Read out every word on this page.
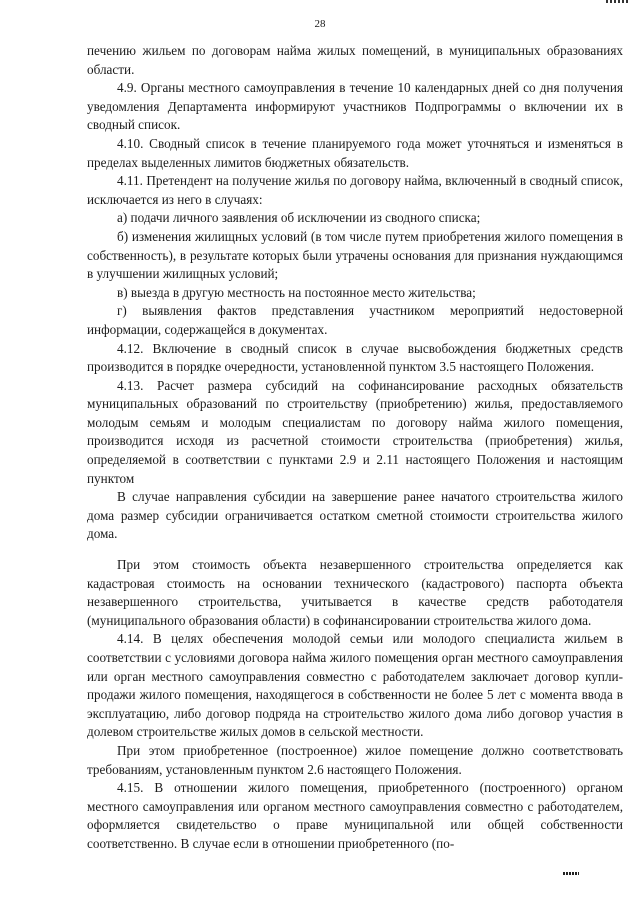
28

печению жильем по договорам найма жилых помещений, в муниципальных образованиях области.

4.9. Органы местного самоуправления в течение 10 календарных дней со дня получения уведомления Департамента информируют участников Подпрограммы о включении их в сводный список.

4.10. Сводный список в течение планируемого года может уточняться и изменяться в пределах выделенных лимитов бюджетных обязательств.

4.11. Претендент на получение жилья по договору найма, включенный в сводный список, исключается из него в случаях:

а) подачи личного заявления об исключении из сводного списка;

б) изменения жилищных условий (в том числе путем приобретения жилого помещения в собственность), в результате которых были утрачены основания для признания нуждающимся в улучшении жилищных условий;

в) выезда в другую местность на постоянное место жительства;

г) выявления фактов представления участником мероприятий недостоверной информации, содержащейся в документах.

4.12. Включение в сводный список в случае высвобождения бюджетных средств производится в порядке очередности, установленной пунктом 3.5 настоящего Положения.

4.13. Расчет размера субсидий на софинансирование расходных обязательств муниципальных образований по строительству (приобретению) жилья, предоставляемого молодым семьям и молодым специалистам по договору найма жилого помещения, производится исходя из расчетной стоимости строительства (приобретения) жилья, определяемой в соответствии с пунктами 2.9 и 2.11 настоящего Положения и настоящим пунктом

В случае направления субсидии на завершение ранее начатого строительства жилого дома размер субсидии ограничивается остатком сметной стоимости строительства жилого дома.

При этом стоимость объекта незавершенного строительства определяется как кадастровая стоимость на основании технического (кадастрового) паспорта объекта незавершенного строительства, учитывается в качестве средств работодателя (муниципального образования области) в софинансировании строительства жилого дома.

4.14. В целях обеспечения молодой семьи или молодого специалиста жильем в соответствии с условиями договора найма жилого помещения орган местного самоуправления или орган местного самоуправления совместно с работодателем заключает договор купли-продажи жилого помещения, находящегося в собственности не более 5 лет с момента ввода в эксплуатацию, либо договор подряда на строительство жилого дома либо договор участия в долевом строительстве жилых домов в сельской местности.

При этом приобретенное (построенное) жилое помещение должно соответствовать требованиям, установленным пунктом 2.6 настоящего Положения.

4.15. В отношении жилого помещения, приобретенного (построенного) органом местного самоуправления или органом местного самоуправления совместно с работодателем, оформляется свидетельство о праве муниципальной или общей собственности соответственно. В случае если в отношении приобретенного (по-
